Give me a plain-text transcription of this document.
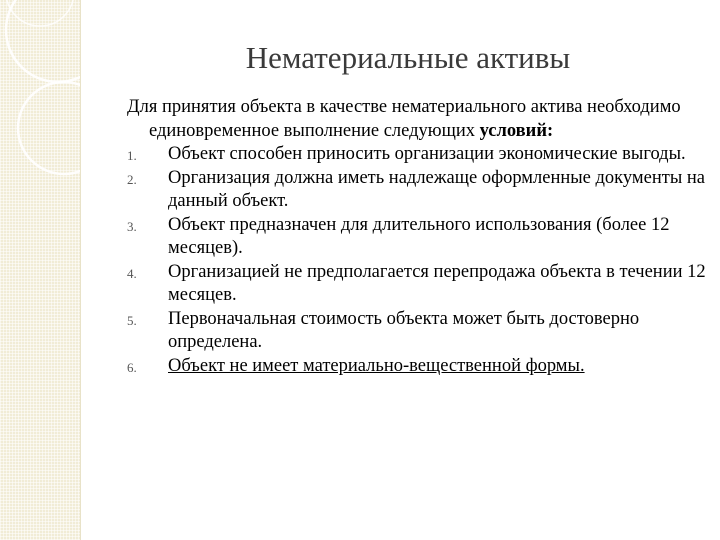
Нематериальные активы

Для принятия объекта в качестве нематериального актива необходимо единовременное выполнение следующих условий:

1. Объект способен приносить организации экономические выгоды.
2. Организация должна иметь надлежаще оформленные документы на данный объект.
3. Объект предназначен для длительного использования (более 12 месяцев).
4. Организацией не предполагается перепродажа объекта в течении 12 месяцев.
5. Первоначальная стоимость объекта может быть достоверно определена.
6. Объект не имеет материально-вещественной формы.
